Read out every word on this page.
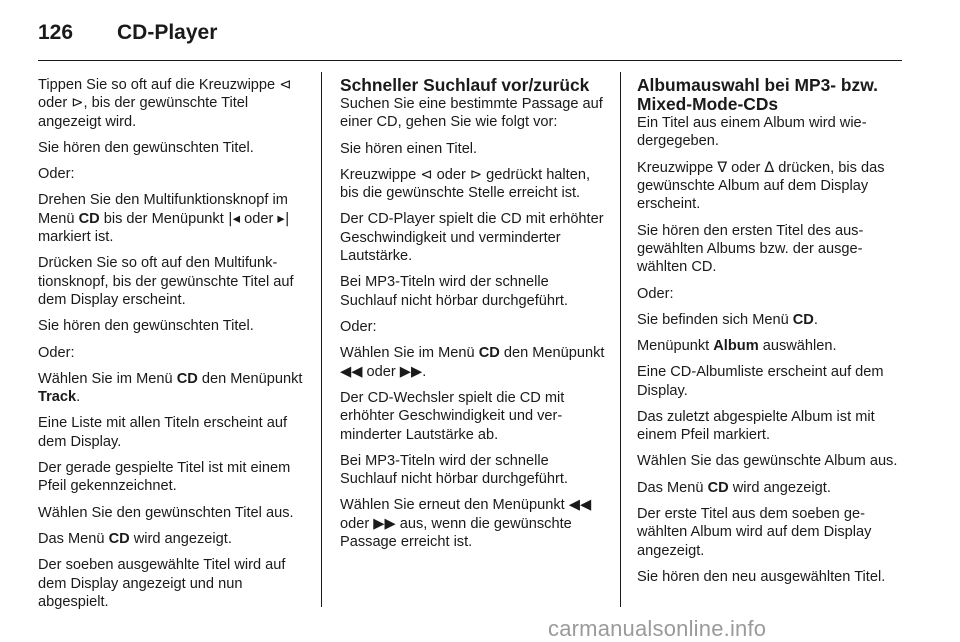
126 CD-Player

Tippen Sie so oft auf die Kreuzwippe ⊲ oder ⊳, bis der gewünschte Titel angezeigt wird.

Sie hören den gewünschten Titel.

Oder:

Drehen Sie den Multifunktionsknopf im Menü CD bis der Menüpunkt |◂ oder ▸| markiert ist.

Drücken Sie so oft auf den Multifunktionsknopf, bis der gewünschte Titel auf dem Display erscheint.

Sie hören den gewünschten Titel.

Oder:

Wählen Sie im Menü CD den Menüpunkt Track.

Eine Liste mit allen Titeln erscheint auf dem Display.

Der gerade gespielte Titel ist mit einem Pfeil gekennzeichnet.

Wählen Sie den gewünschten Titel aus.

Das Menü CD wird angezeigt.

Der soeben ausgewählte Titel wird auf dem Display angezeigt und nun abgespielt.

Schneller Suchlauf vor/zurück

Suchen Sie eine bestimmte Passage auf einer CD, gehen Sie wie folgt vor:

Sie hören einen Titel.

Kreuzwippe ⊲ oder ⊳ gedrückt halten, bis die gewünschte Stelle erreicht ist.

Der CD-Player spielt die CD mit erhöhter Geschwindigkeit und verminderter Lautstärke.

Bei MP3-Titeln wird der schnelle Suchlauf nicht hörbar durchgeführt.

Oder:

Wählen Sie im Menü CD den Menüpunkt ◀◀ oder ▶▶.

Der CD-Wechsler spielt die CD mit erhöhter Geschwindigkeit und verminderter Lautstärke ab.

Bei MP3-Titeln wird der schnelle Suchlauf nicht hörbar durchgeführt.

Wählen Sie erneut den Menüpunkt ◀◀ oder ▶▶ aus, wenn die gewünschte Passage erreicht ist.

Albumauswahl bei MP3- bzw. Mixed-Mode-CDs

Ein Titel aus einem Album wird wiedergegeben.

Kreuzwippe ∇ oder ∆ drücken, bis das gewünschte Album auf dem Display erscheint.

Sie hören den ersten Titel des ausgewählten Albums bzw. der ausgewählten CD.

Oder:

Sie befinden sich Menü CD.

Menüpunkt Album auswählen.

Eine CD-Albumliste erscheint auf dem Display.

Das zuletzt abgespielte Album ist mit einem Pfeil markiert.

Wählen Sie das gewünschte Album aus.

Das Menü CD wird angezeigt.

Der erste Titel aus dem soeben gewählten Album wird auf dem Display angezeigt.

Sie hören den neu ausgewählten Titel.

carmanualsonline.info
